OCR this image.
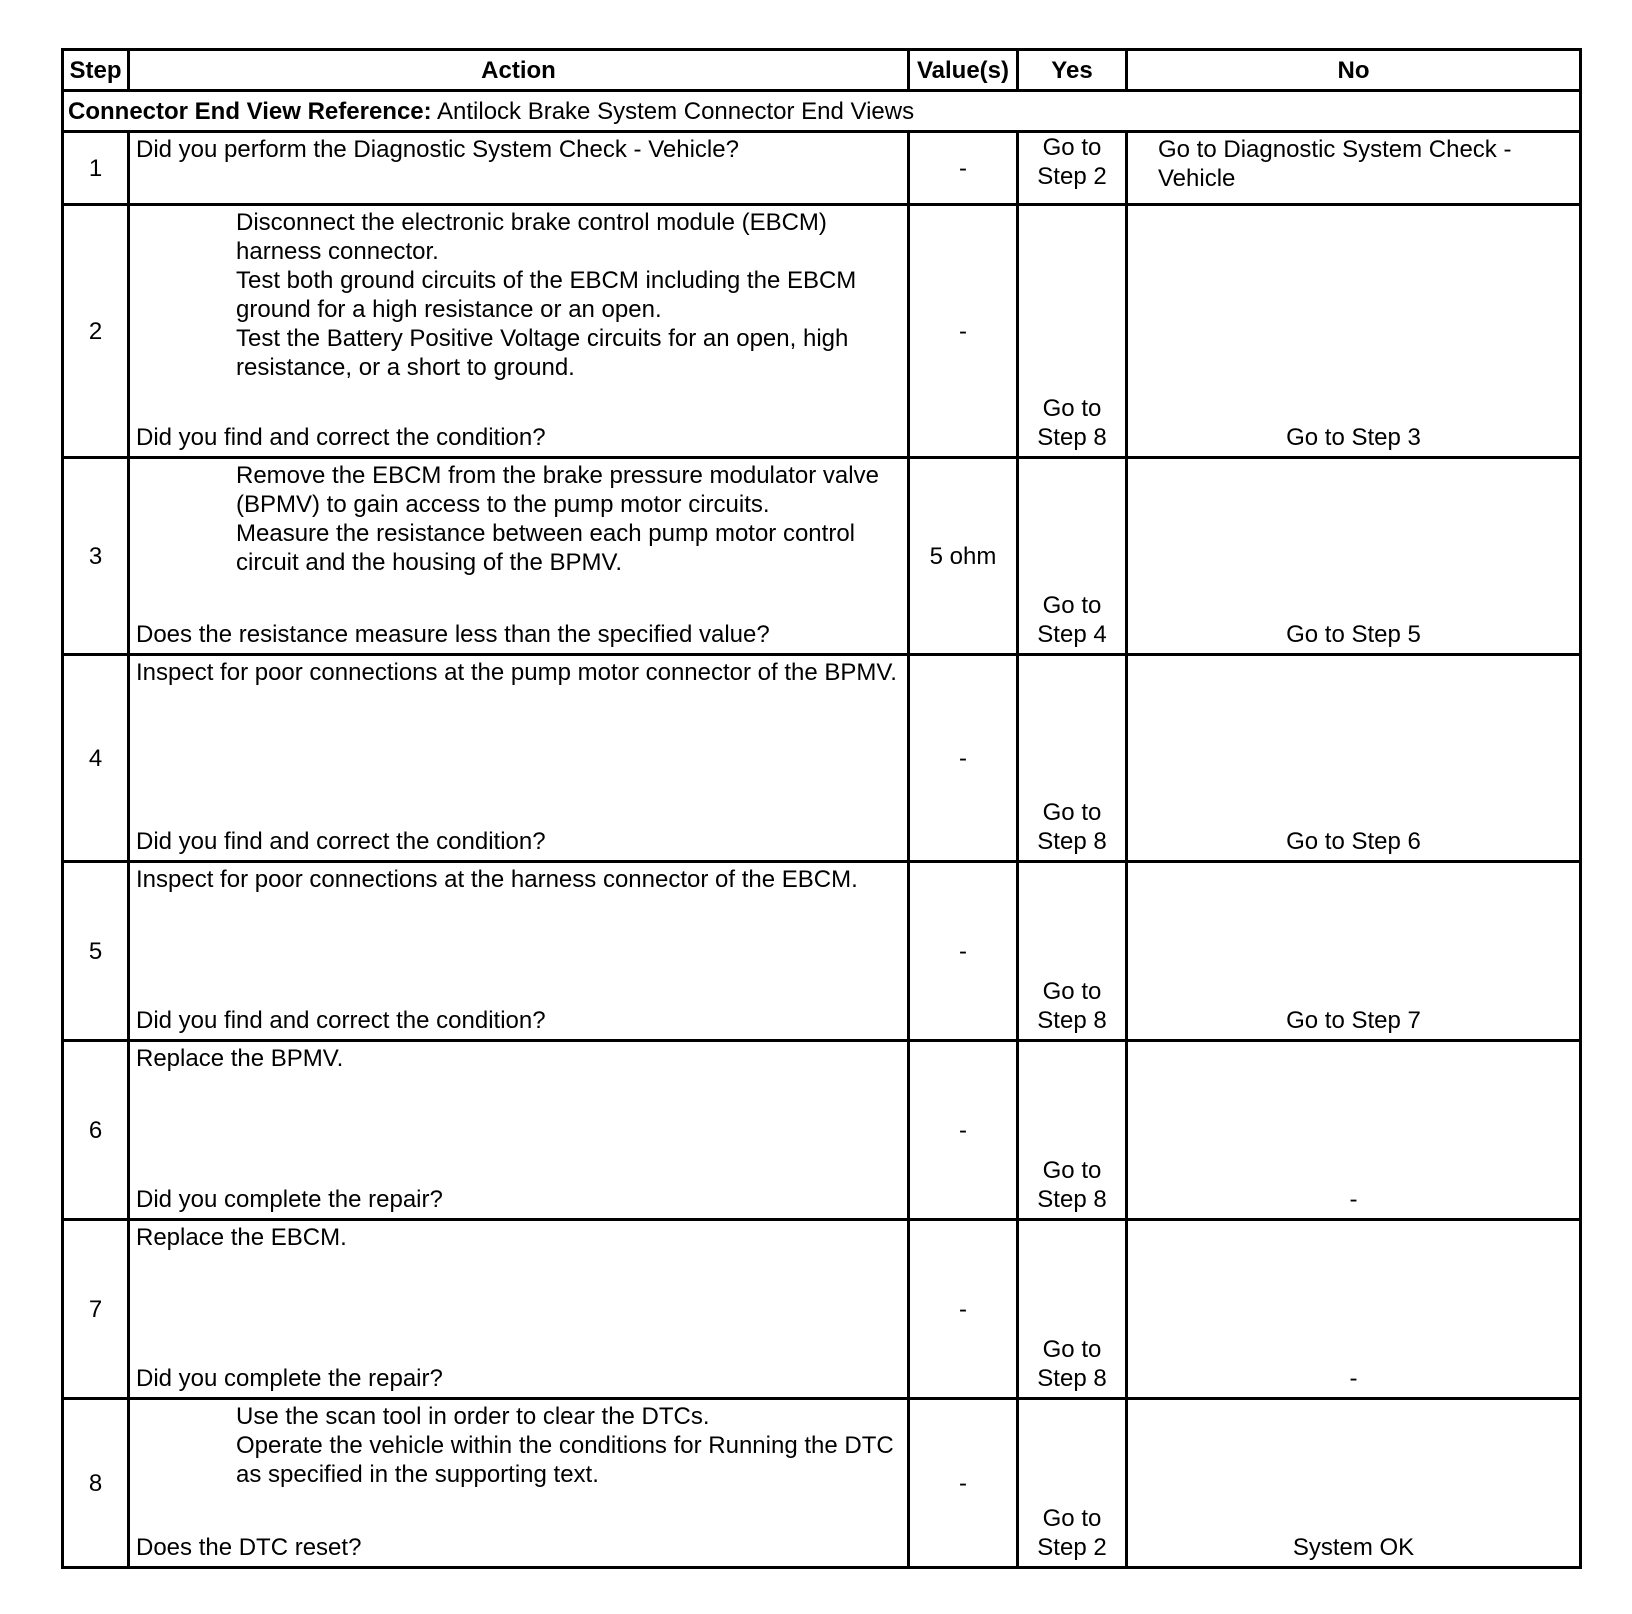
Step	Action	Value(s)	Yes	No
Connector End View Reference: Antilock Brake System Connector End Views				
1	Did you perform the Diagnostic System Check - Vehicle?	-	Go to Step 2	Go to Diagnostic System Check - Vehicle

2	Disconnect the electronic brake control module (EBCM) harness connector.
Test both ground circuits of the EBCM including the EBCM ground for a high resistance or an open.
Test the Battery Positive Voltage circuits for an open, high resistance, or a short to ground.
Did you find and correct the condition?	-	Go to Step 8	Go to Step 3

3	Remove the EBCM from the brake pressure modulator valve (BPMV) to gain access to the pump motor circuits.
Measure the resistance between each pump motor control circuit and the housing of the BPMV.
Does the resistance measure less than the specified value?	5 ohm	Go to Step 4	Go to Step 5

4	Inspect for poor connections at the pump motor connector of the BPMV.
Did you find and correct the condition?	-	Go to Step 8	Go to Step 6

5	Inspect for poor connections at the harness connector of the EBCM.
Did you find and correct the condition?	-	Go to Step 8	Go to Step 7

6	Replace the BPMV.
Did you complete the repair?	-	Go to Step 8	-

7	Replace the EBCM.
Did you complete the repair?	-	Go to Step 8	-

8	Use the scan tool in order to clear the DTCs.
Operate the vehicle within the conditions for Running the DTC as specified in the supporting text.
Does the DTC reset?	-	Go to Step 2	System OK
